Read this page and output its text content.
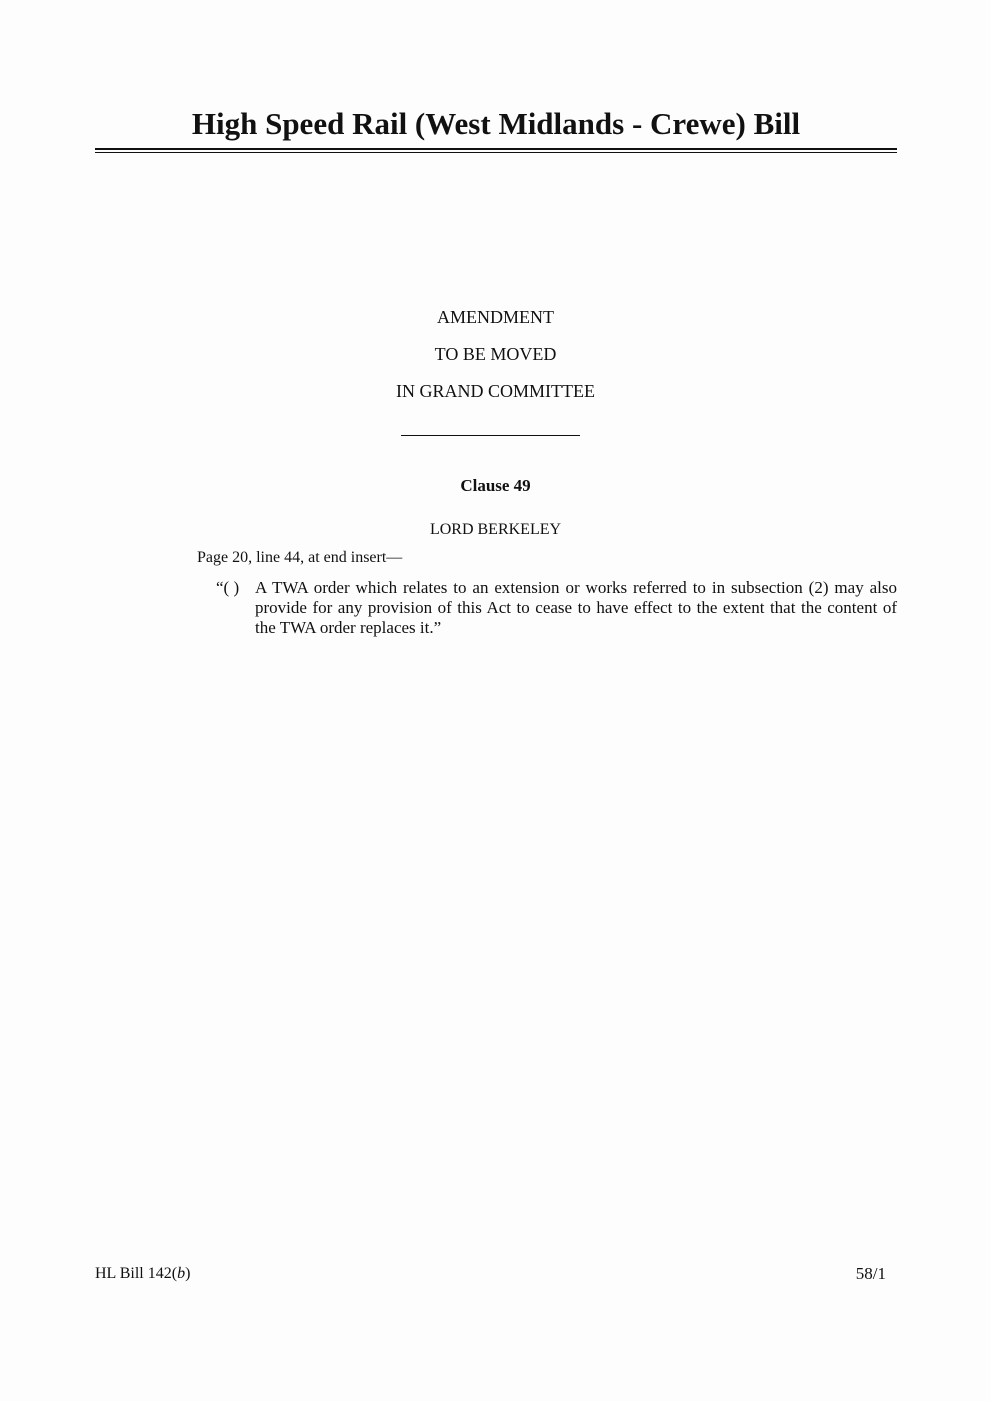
High Speed Rail (West Midlands - Crewe) Bill

AMENDMENT

TO BE MOVED

IN GRAND COMMITTEE

Clause 49

LORD BERKELEY

Page 20, line 44, at end insert—

“( ) A TWA order which relates to an extension or works referred to in subsection (2) may also provide for any provision of this Act to cease to have effect to the extent that the content of the TWA order replaces it.”

HL Bill 142(b)	58/1
